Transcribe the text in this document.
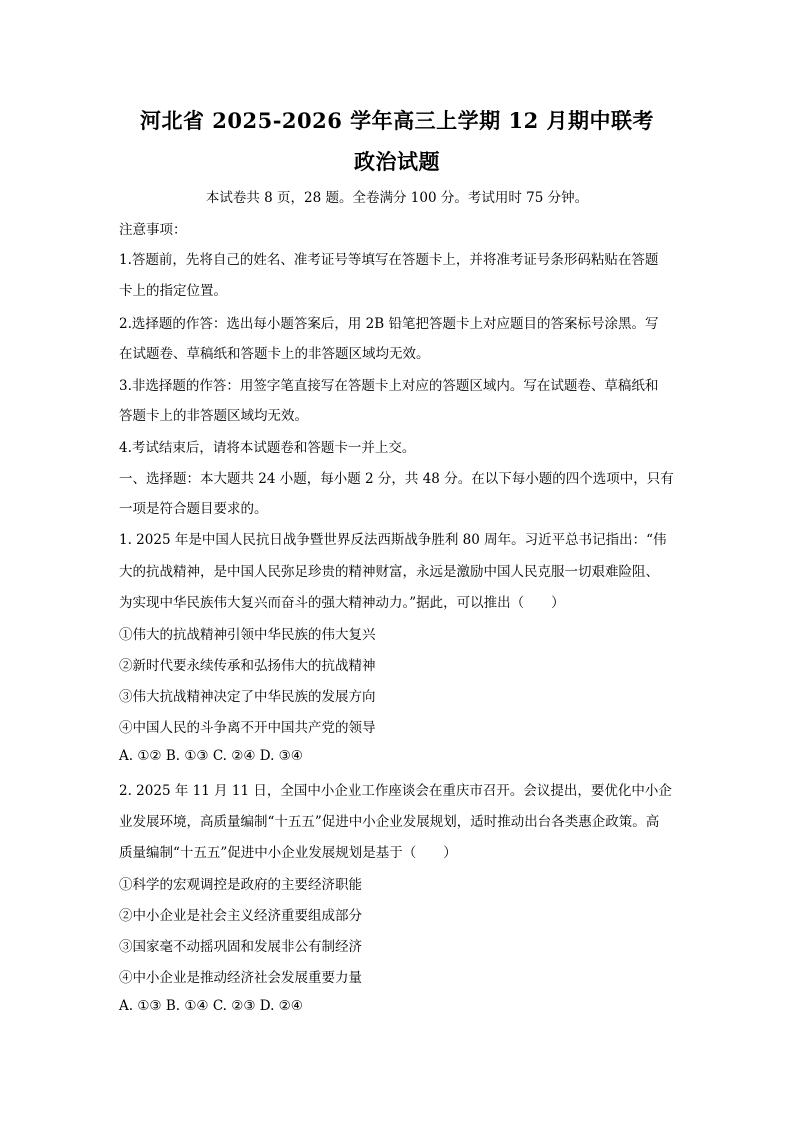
河北省 2025-2026 学年高三上学期 12 月期中联考
政治试题
本试卷共 8 页，28 题。全卷满分 100 分。考试用时 75 分钟。
注意事项：
1.答题前，先将自己的姓名、准考证号等填写在答题卡上，并将准考证号条形码粘贴在答题
卡上的指定位置。
2.选择题的作答：选出每小题答案后，用 2B 铅笔把答题卡上对应题目的答案标号涂黑。写
在试题卷、草稿纸和答题卡上的非答题区域均无效。
3.非选择题的作答：用签字笔直接写在答题卡上对应的答题区域内。写在试题卷、草稿纸和
答题卡上的非答题区域均无效。
4.考试结束后，请将本试题卷和答题卡一并上交。
一、选择题：本大题共 24 小题，每小题 2 分，共 48 分。在以下每小题的四个选项中，只有
一项是符合题目要求的。
1. 2025 年是中国人民抗日战争暨世界反法西斯战争胜利 80 周年。习近平总书记指出：“伟
大的抗战精神，是中国人民弥足珍贵的精神财富，永远是激励中国人民克服一切艰难险阻、
为实现中华民族伟大复兴而奋斗的强大精神动力。”据此，可以推出（　　）
①伟大的抗战精神引领中华民族的伟大复兴
②新时代要永续传承和弘扬伟大的抗战精神
③伟大抗战精神决定了中华民族的发展方向
④中国人民的斗争离不开中国共产党的领导
A. ①② B. ①③ C. ②④ D. ③④
2. 2025 年 11 月 11 日，全国中小企业工作座谈会在重庆市召开。会议提出，要优化中小企
业发展环境，高质量编制“十五五”促进中小企业发展规划，适时推动出台各类惠企政策。高
质量编制“十五五”促进中小企业发展规划是基于（　　）
①科学的宏观调控是政府的主要经济职能
②中小企业是社会主义经济重要组成部分
③国家毫不动摇巩固和发展非公有制经济
④中小企业是推动经济社会发展重要力量
A. ①③ B. ①④ C. ②③ D. ②④
